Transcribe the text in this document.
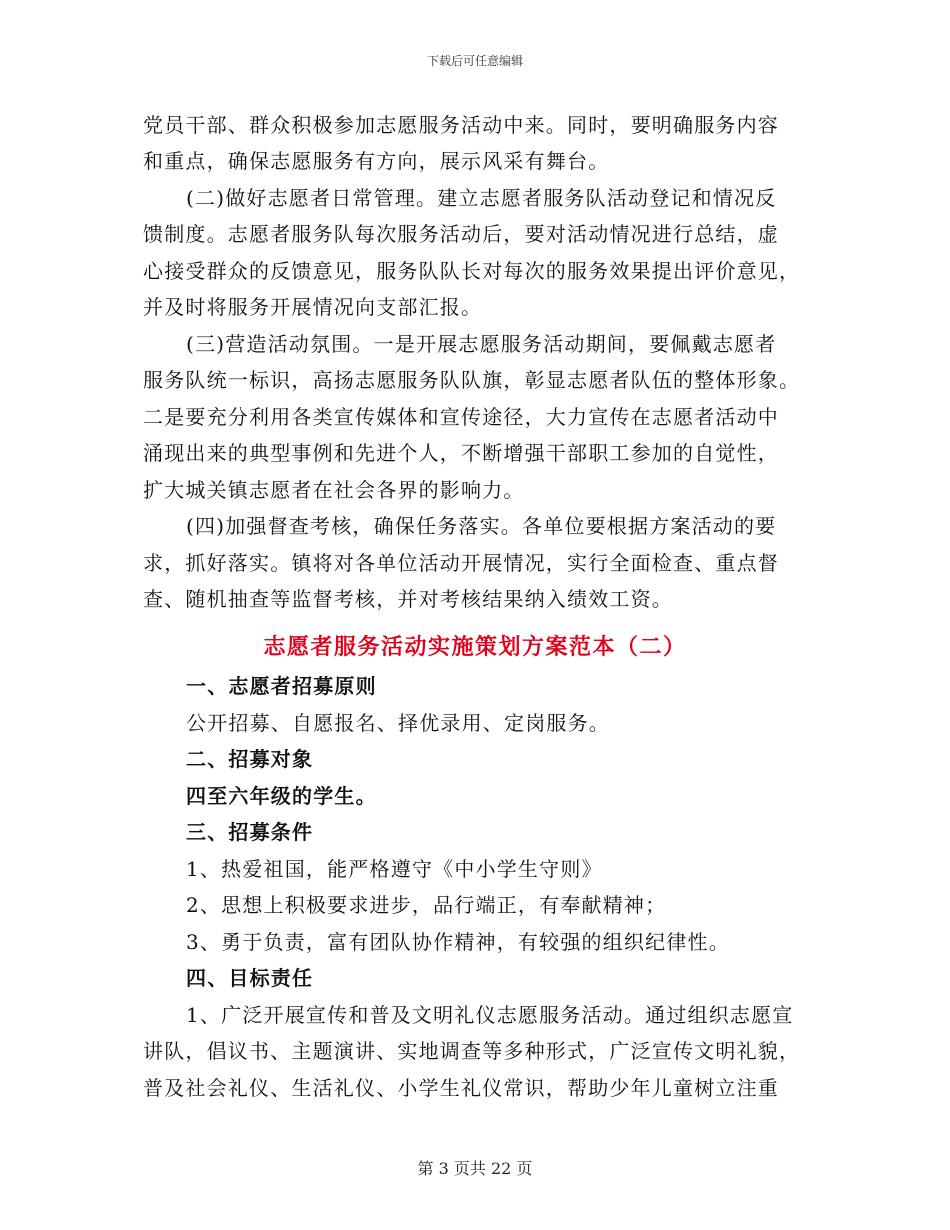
下载后可任意编辑
党员干部、群众积极参加志愿服务活动中来。同时，要明确服务内容
和重点，确保志愿服务有方向，展示风采有舞台。
(二)做好志愿者日常管理。建立志愿者服务队活动登记和情况反
馈制度。志愿者服务队每次服务活动后，要对活动情况进行总结，虚
心接受群众的反馈意见，服务队队长对每次的服务效果提出评价意见，
并及时将服务开展情况向支部汇报。
(三)营造活动氛围。一是开展志愿服务活动期间，要佩戴志愿者
服务队统一标识，高扬志愿服务队队旗，彰显志愿者队伍的整体形象。
二是要充分利用各类宣传媒体和宣传途径，大力宣传在志愿者活动中
涌现出来的典型事例和先进个人，不断增强干部职工参加的自觉性，
扩大城关镇志愿者在社会各界的影响力。
(四)加强督查考核，确保任务落实。各单位要根据方案活动的要
求，抓好落实。镇将对各单位活动开展情况，实行全面检查、重点督
查、随机抽查等监督考核，并对考核结果纳入绩效工资。
志愿者服务活动实施策划方案范本（二）
一、志愿者招募原则
公开招募、自愿报名、择优录用、定岗服务。
二、招募对象
四至六年级的学生。
三、招募条件
1、热爱祖国，能严格遵守《中小学生守则》
2、思想上积极要求进步，品行端正，有奉献精神；
3、勇于负责，富有团队协作精神，有较强的组织纪律性。
四、目标责任
1、广泛开展宣传和普及文明礼仪志愿服务活动。通过组织志愿宣
讲队，倡议书、主题演讲、实地调查等多种形式，广泛宣传文明礼貌，
普及社会礼仪、生活礼仪、小学生礼仪常识，帮助少年儿童树立注重
第 3 页共 22 页
